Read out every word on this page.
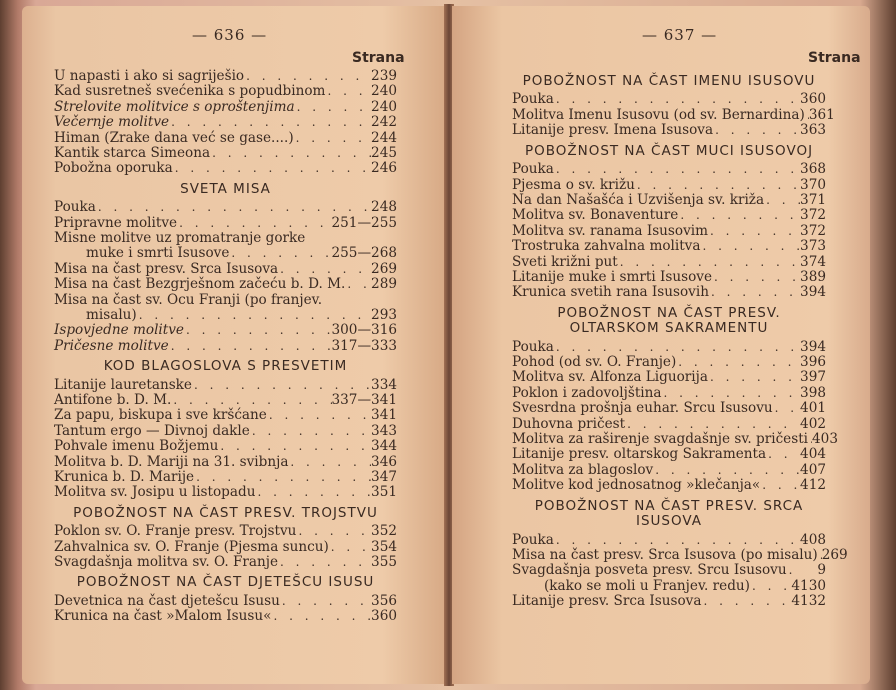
— 636 —
Strana
U napasti i ako si sagriješio . . .	239
Kad susretneš svećenika s popudbinom . . .	240
Strelovite molitvice s oproštenjima . . .	240
Večernje molitve . . .	242
Himan (Zrake dana već se gase....) . . .	244
Kantik starca Simeona . . .	245
Pobožna oporuka . . .	246
SVETA MISA
Pouka . . .	248
Pripravne molitve . . .	251—255
Misne molitve uz promatranje gorke
muke i smrti Isusove . . .	255—268
Misa na čast presv. Srca Isusova . . .	269
Misa na čast Bezgrješnom začeću b. D. M. . . . 289
Misa na čast sv. Ocu Franji (po franjev.
misalu) . . .	293
Ispovjedne molitve . . .	300—316
Pričesne molitve . . .	317—333
KOD BLAGOSLOVA S PRESVETIM
Litanije lauretanske . . .	334
Antifone b. D. M. . . .	337—341
Za papu, biskupa i sve kršćane . . .	341
Tantum ergo — Divnoj dakle . . .	343
Pohvale imenu Božjemu . . .	344
Molitva b. D. Mariji na 31. svibnja . . .	346
Krunica b. D. Marije . . .	347
Molitva sv. Josipu u listopadu . . .	351
POBOŽNOST NA ČAST PRESV. TROJSTVU
Poklon sv. O. Franje presv. Trojstvu . . .	352
Zahvalnica sv. O. Franje (Pjesma suncu) . . .	354
Svagdašnja molitva sv. O. Franje . . .	355
POBOŽNOST NA ČAST DJETEŠCU ISUSU
Devetnica na čast djetešcu Isusu . . .	356
Krunica na čast »Malom Isusu« . . .	360
— 637 —
Strana
POBOŽNOST NA ČAST IMENU ISUSOVU
Pouka . . .	360
Molitva Imenu Isusovu (od sv. Bernardina) . . . 361
Litanije presv. Imena Isusova . . .	363
POBOŽNOST NA ČAST MUCI ISUSOVOJ
Pouka . . .	368
Pjesma o sv. križu . . .	370
Na dan Našašća i Uzvišenja sv. križa . . .	371
Molitva sv. Bonaventure . . .	372
Molitva sv. ranama Isusovim . . .	372
Trostruka zahvalna molitva . . .	373
Sveti križni put . . .	374
Litanije muke i smrti Isusove . . .	389
Krunica svetih rana Isusovih . . .	394
POBOŽNOST NA ČAST PRESV. OLTARSKOM SAKRAMENTU
Pouka . . .	394
Pohod (od sv. O. Franje) . . .	396
Molitva sv. Alfonza Liguorija . . .	397
Poklon i zadovoljština . . .	398
Svesrdna prošnja euhar. Srcu Isusovu . . . 401
Duhovna pričest . . .	402
Molitva za raširenje svagdašnje sv. pričesti . . . 403
Litanije presv. oltarskog Sakramenta . . . 404
Molitva za blagoslov . . .	407
Molitve kod jednosatnog »klečanja« . . .	412
POBOŽNOST NA ČAST PRESV. SRCA ISUSOVA
Pouka . . .	408
Misa na čast presv. Srca Isusova (po misalu) . . . 269
Svagdašnja posveta presv. Srcu Isusovu . . .	9
(kako se moli u Franjev. redu) . . .	4130
Litanije presv. Srca Isusova . . .	4132
